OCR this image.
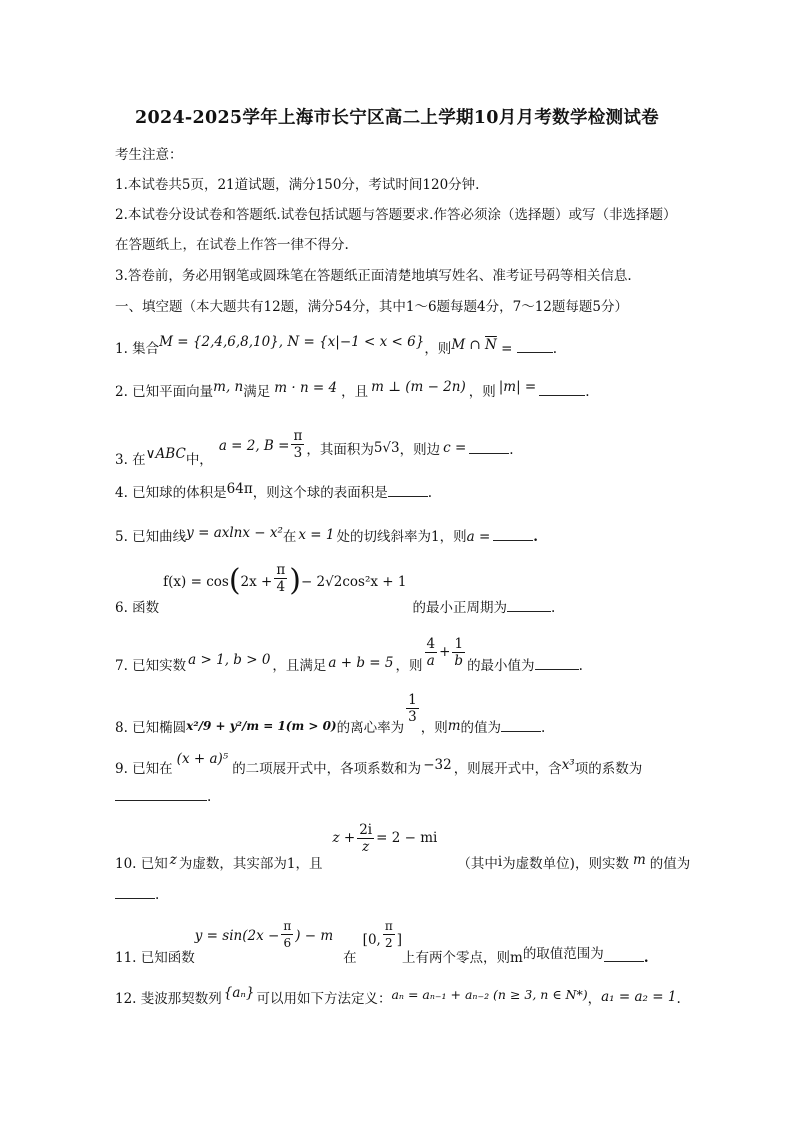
2024-2025学年上海市长宁区高二上学期10月月考数学检测试卷
考生注意：
1.本试卷共5页，21道试题，满分150分，考试时间120分钟.
2.本试卷分设试卷和答题纸.试卷包括试题与答题要求.作答必须涂（选择题）或写（非选择题）
在答题纸上，在试卷上作答一律不得分.
3.答卷前，务必用钢笔或圆珠笔在答题纸正面清楚地填写姓名、准考证号码等相关信息.
一、填空题（本大题共有12题，满分54分，其中1～6题每题4分，7～12题每题5分）
1. 集合M = {2,4,6,8,10}, N = {x|−1 < x < 6}，则M ∩ $\overline{N}$ =	.
2. 已知平面向量m, n满足 m · n = 4 ，且 m ⊥ (m − 2n) ，则 |m| =	.
3. 在∨ABC中，a = 2, $B = \frac{\pi}{3}$ ，其面积为5√3，则边 c =	.
4. 已知球的体积是64π，则这个球的表面积是	.
5. 已知曲线y = axlnx − x²在 x = 1 处的切线斜率为1，则a =	.
6. 函数$f(x) = \cos(2x + \frac{\pi}{4}$ )− 2√2cos²x + 1的最小正周期为	.
7. 已知实数 a > 1, b > 0 ，且满足 a + b = 5 ，则 $\frac{4}{a} + \frac{1}{b}$ 的最小值为	.
8. 已知椭圆x²/9 + y²/m = 1(m > 0)的离心率为
$\frac{1}{3}$
，则m的值为	.
9. 已知在(x + a)⁵的二项展开式中，各项系数和为 −32 ，则展开式中，含x³项的系数为
.
10. 已知 z 为虚数，其实部为1，且$z + \frac{2i}{z} = 2 - mi$（其中i为虚数单位)，则实数 m 的值为
.
11. 已知函数$y = \sin(2x - \frac{\pi}{6}$ ) − m在[0, $\frac{\pi}{2}$ ]上有两个零点，则m的取值范围为	.
12. 斐波那契数列 {aₙ} 可以用如下方法定义：aₙ = aₙ₋₁ + aₙ₋₂ (n ≥ 3, n ∈ N*)，a₁ = a₂ = 1.
